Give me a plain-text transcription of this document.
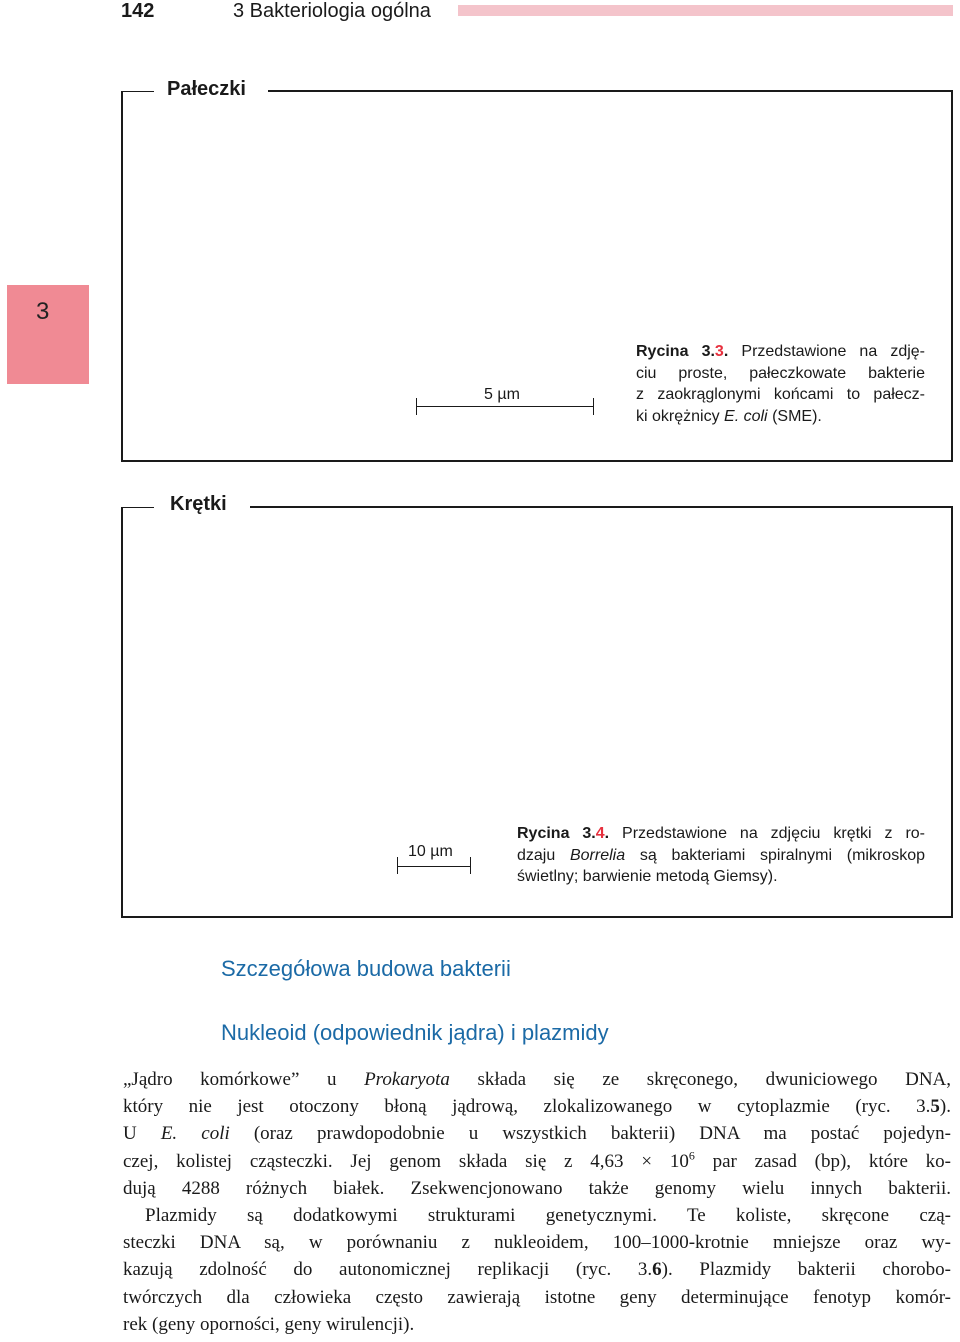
142	3 Bakteriologia ogólna
3
Pałeczki
5 µm
Rycina 3.3. Przedstawione na zdję-
ciu proste, pałeczkowate bakterie
z zaokrąglonymi końcami to pałecz-
ki okrężnicy E. coli (SME).
Krętki
10 µm
Rycina 3.4. Przedstawione na zdjęciu krętki z ro-
dzaju Borrelia są bakteriami spiralnymi (mikroskop
świetlny; barwienie metodą Giemsy).
Szczegółowa budowa bakterii
Nukleoid (odpowiednik jądra) i plazmidy
„Jądro komórkowe” u Prokaryota składa się ze skręconego, dwuniciowego DNA,
który nie jest otoczony błoną jądrową, zlokalizowanego w cytoplazmie (ryc. 3.5).
U E. coli (oraz prawdopodobnie u wszystkich bakterii) DNA ma postać pojedyn-
czej, kolistej cząsteczki. Jej genom składa się z $4,63 \times 10^6$ par zasad (bp), które ko-
dują 4288 różnych białek. Zsekwencjonowano także genomy wielu innych bakterii.
Plazmidy są dodatkowymi strukturami genetycznymi. Te koliste, skręcone czą-
steczki DNA są, w porównaniu z nukleoidem, 100–1000-krotnie mniejsze oraz wy-
kazują zdolność do autonomicznej replikacji (ryc. 3.6). Plazmidy bakterii chorobo-
twórczych dla człowieka często zawierają istotne geny determinujące fenotyp komór-
rek (geny oporności, geny wirulencji).
